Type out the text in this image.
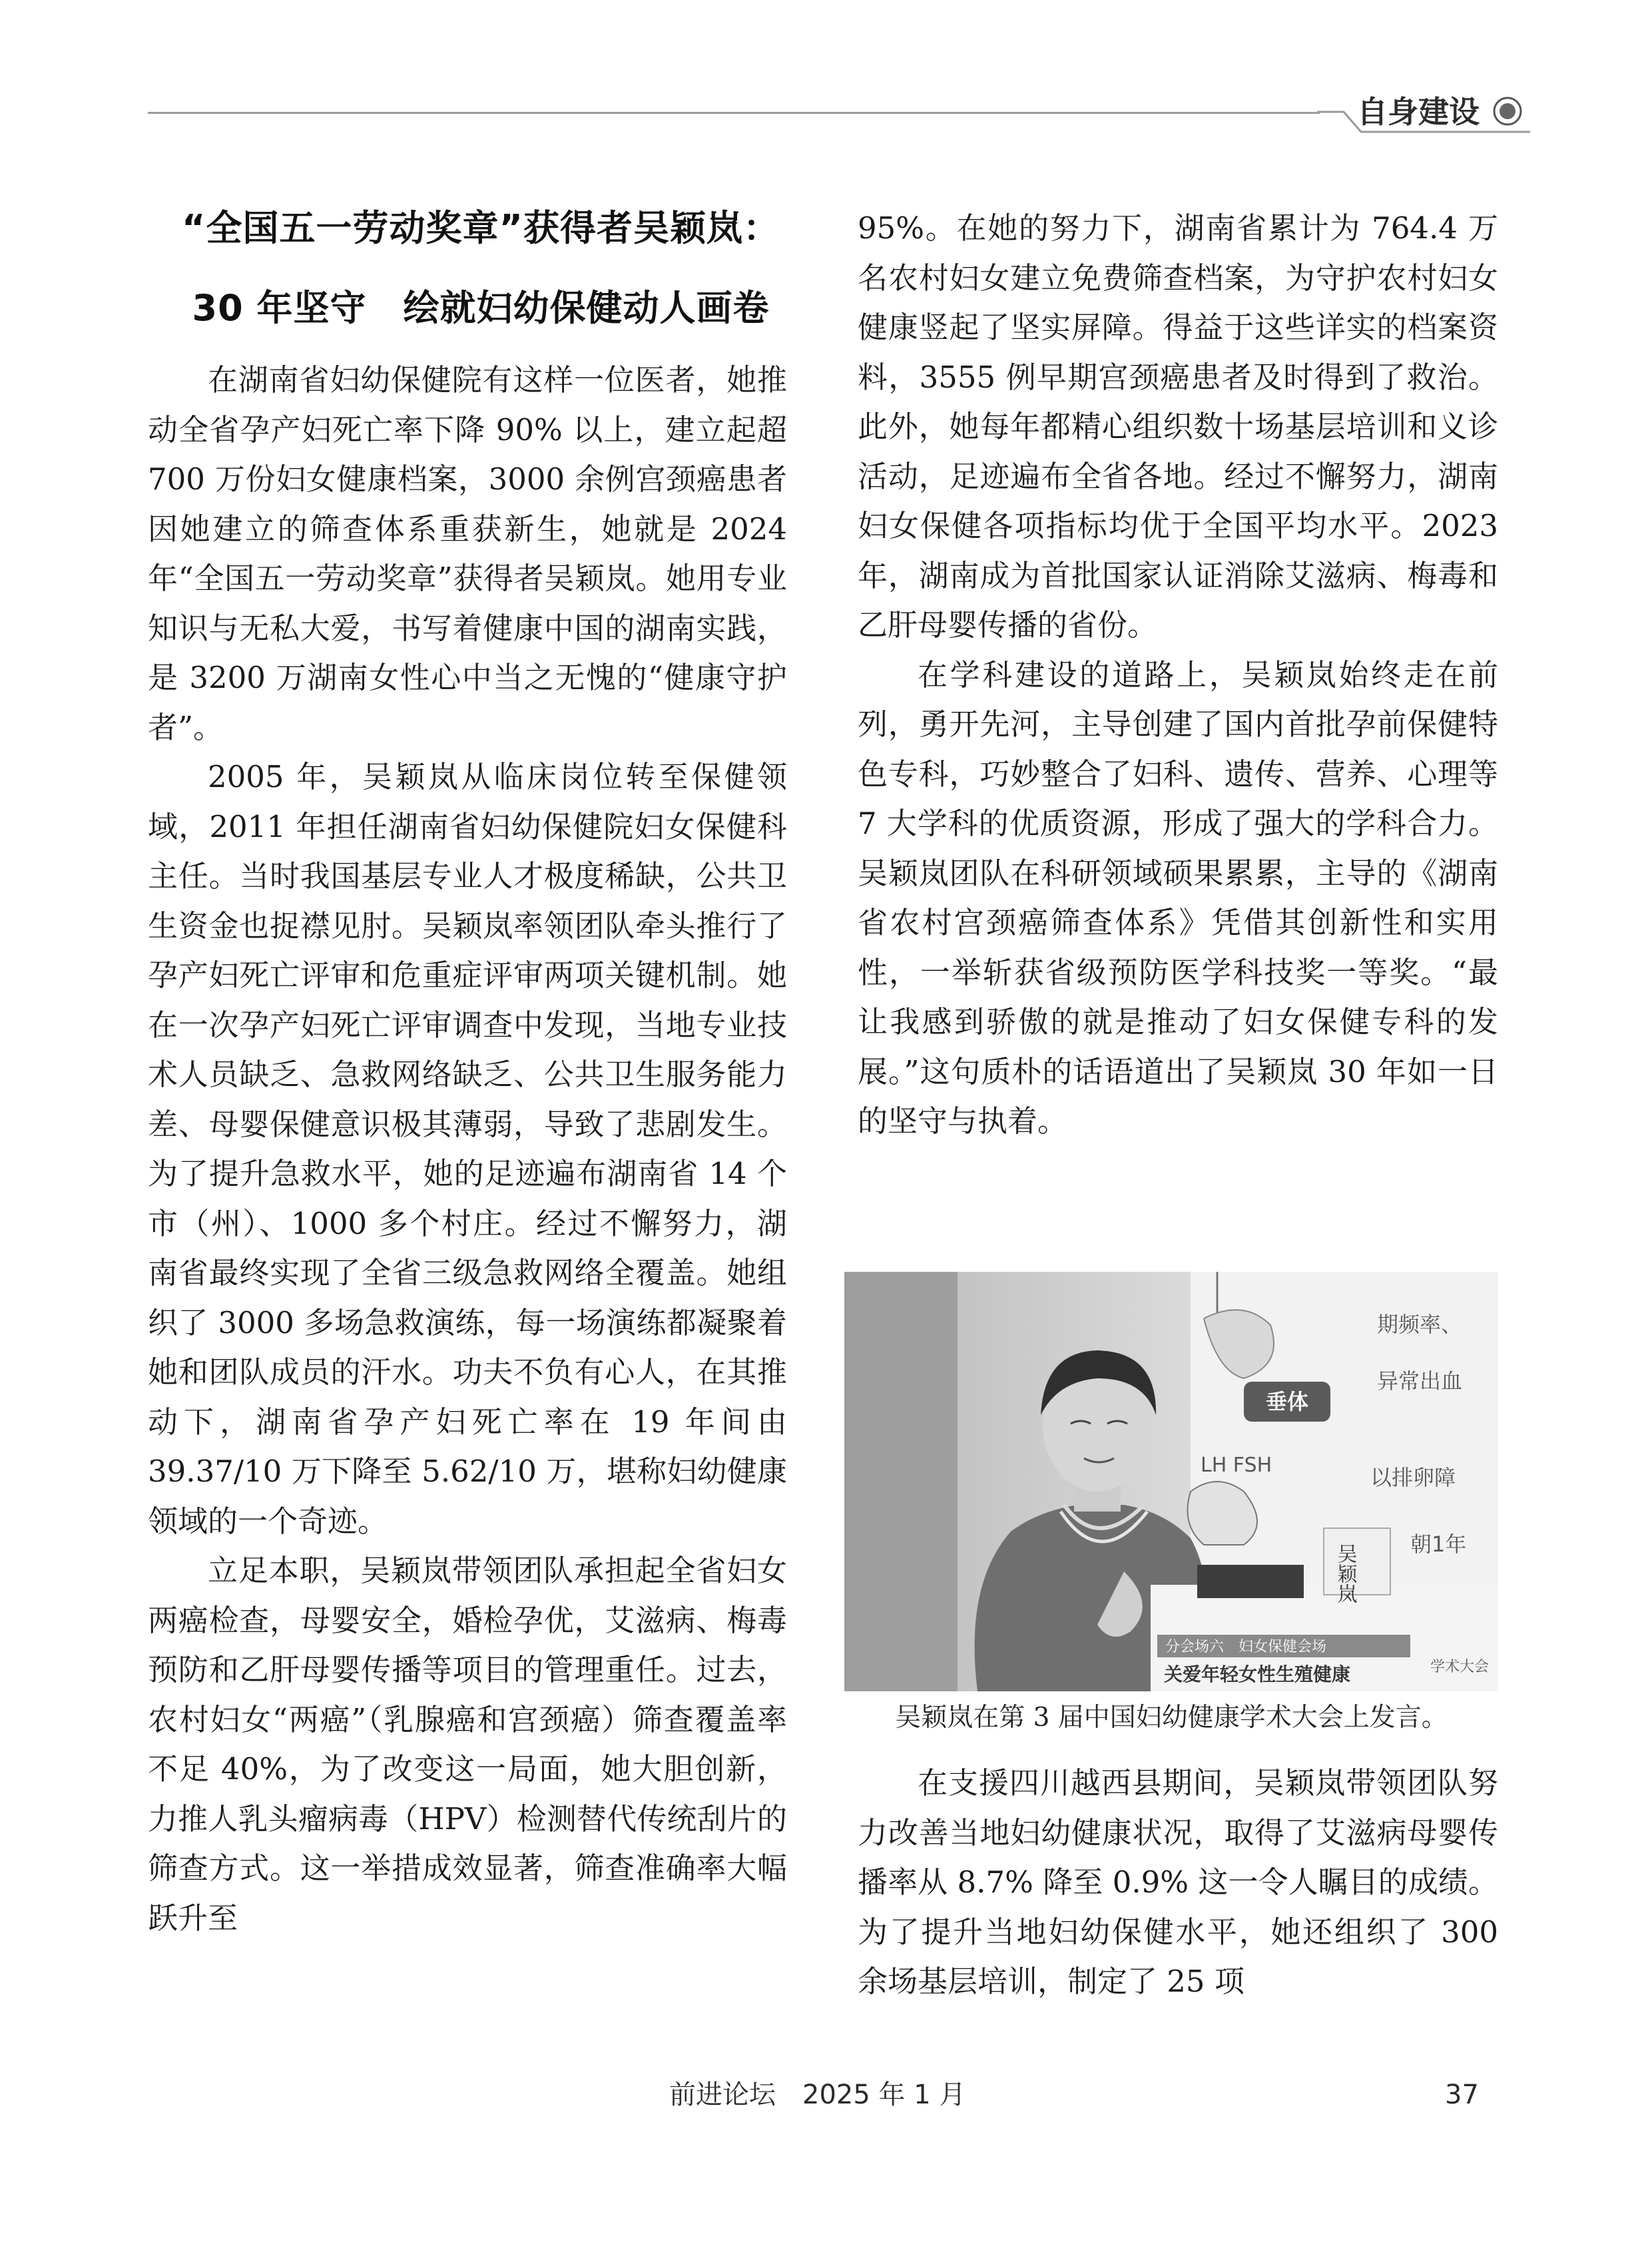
自身建设
“全国五一劳动奖章”获得者吴颖岚：
30 年坚守　绘就妇幼保健动人画卷

在湖南省妇幼保健院有这样一位医者，她推动全省孕产妇死亡率下降 90% 以上，建立起超 700 万份妇女健康档案，3000 余例宫颈癌患者因她建立的筛查体系重获新生，她就是 2024 年“全国五一劳动奖章”获得者吴颖岚。她用专业知识与无私大爱，书写着健康中国的湖南实践，是 3200 万湖南女性心中当之无愧的“健康守护者”。

2005 年，吴颖岚从临床岗位转至保健领域，2011 年担任湖南省妇幼保健院妇女保健科主任。当时我国基层专业人才极度稀缺，公共卫生资金也捉襟见肘。吴颖岚率领团队牵头推行了孕产妇死亡评审和危重症评审两项关键机制。她在一次孕产妇死亡评审调查中发现，当地专业技术人员缺乏、急救网络缺乏、公共卫生服务能力差、母婴保健意识极其薄弱，导致了悲剧发生。为了提升急救水平，她的足迹遍布湖南省 14 个市（州）、1000 多个村庄。经过不懈努力，湖南省最终实现了全省三级急救网络全覆盖。她组织了 3000 多场急救演练，每一场演练都凝聚着她和团队成员的汗水。功夫不负有心人，在其推动下，湖南省孕产妇死亡率在 19 年间由 39.37/10 万下降至 5.62/10 万，堪称妇幼健康领域的一个奇迹。

立足本职，吴颖岚带领团队承担起全省妇女两癌检查，母婴安全，婚检孕优，艾滋病、梅毒预防和乙肝母婴传播等项目的管理重任。过去，农村妇女“两癌”（乳腺癌和宫颈癌）筛查覆盖率不足 40%，为了改变这一局面，她大胆创新，力推人乳头瘤病毒（HPV）检测替代传统刮片的筛查方式。这一举措成效显著，筛查准确率大幅跃升至

95%。在她的努力下，湖南省累计为 764.4 万名农村妇女建立免费筛查档案，为守护农村妇女健康竖起了坚实屏障。得益于这些详实的档案资料，3555 例早期宫颈癌患者及时得到了救治。此外，她每年都精心组织数十场基层培训和义诊活动，足迹遍布全省各地。经过不懈努力，湖南妇女保健各项指标均优于全国平均水平。2023 年，湖南成为首批国家认证消除艾滋病、梅毒和乙肝母婴传播的省份。

在学科建设的道路上，吴颖岚始终走在前列，勇开先河，主导创建了国内首批孕前保健特色专科，巧妙整合了妇科、遗传、营养、心理等 7 大学科的优质资源，形成了强大的学科合力。吴颖岚团队在科研领域硕果累累，主导的《湖南省农村宫颈癌筛查体系》凭借其创新性和实用性，一举斩获省级预防医学科技奖一等奖。“最让我感到骄傲的就是推动了妇女保健专科的发展。”这句质朴的话语道出了吴颖岚 30 年如一日的坚守与执着。

垂体
LH FSH
期频率、
异常出血
以排卵障
朝1年
吴颖岚
分会场六　妇女保健会场
关爱年轻女性生殖健康	学术大会
吴颖岚在第 3 届中国妇幼健康学术大会上发言。

在支援四川越西县期间，吴颖岚带领团队努力改善当地妇幼健康状况，取得了艾滋病母婴传播率从 8.7% 降至 0.9% 这一令人瞩目的成绩。为了提升当地妇幼保健水平，她还组织了 300 余场基层培训，制定了 25 项

前进论坛 2025 年 1 月	37
